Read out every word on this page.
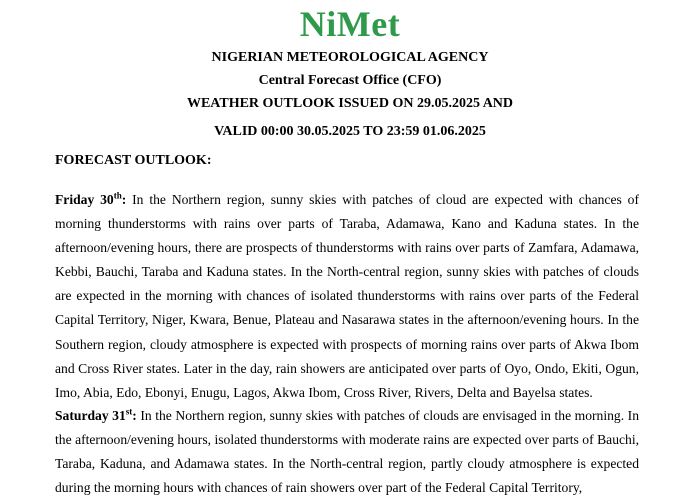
NiMet
NIGERIAN METEOROLOGICAL AGENCY
Central Forecast Office (CFO)
WEATHER OUTLOOK ISSUED ON 29.05.2025 AND
VALID 00:00 30.05.2025 TO 23:59 01.06.2025
FORECAST OUTLOOK:
Friday 30th: In the Northern region, sunny skies with patches of cloud are expected with chances of morning thunderstorms with rains over parts of Taraba, Adamawa, Kano and Kaduna states. In the afternoon/evening hours, there are prospects of thunderstorms with rains over parts of Zamfara, Adamawa, Kebbi, Bauchi, Taraba and Kaduna states. In the North-central region, sunny skies with patches of clouds are expected in the morning with chances of isolated thunderstorms with rains over parts of the Federal Capital Territory, Niger, Kwara, Benue, Plateau and Nasarawa states in the afternoon/evening hours. In the Southern region, cloudy atmosphere is expected with prospects of morning rains over parts of Akwa Ibom and Cross River states. Later in the day, rain showers are anticipated over parts of Oyo, Ondo, Ekiti, Ogun, Imo, Abia, Edo, Ebonyi, Enugu, Lagos, Akwa Ibom, Cross River, Rivers, Delta and Bayelsa states.
Saturday 31st: In the Northern region, sunny skies with patches of clouds are envisaged in the morning. In the afternoon/evening hours, isolated thunderstorms with moderate rains are expected over parts of Bauchi, Taraba, Kaduna, and Adamawa states. In the North-central region, partly cloudy atmosphere is expected during the morning hours with chances of rain showers over part of the Federal Capital Territory,
